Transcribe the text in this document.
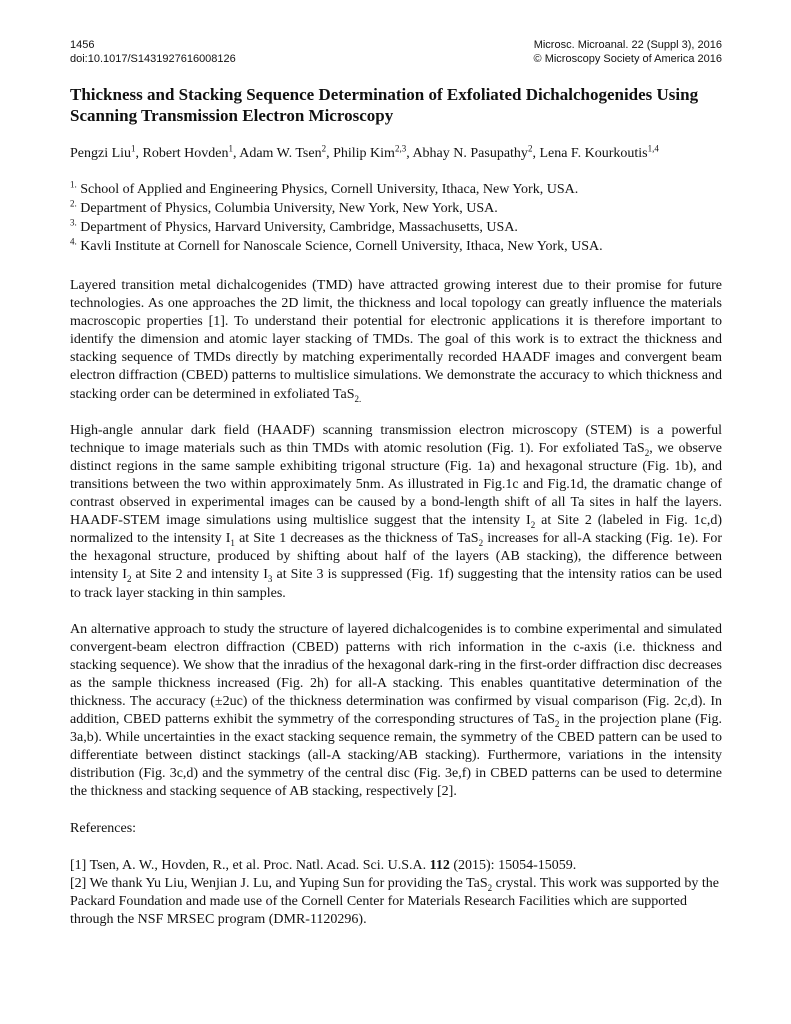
1456
doi:10.1017/S1431927616008126
Microsc. Microanal. 22 (Suppl 3), 2016
© Microscopy Society of America 2016
Thickness and Stacking Sequence Determination of Exfoliated Dichalchogenides Using Scanning Transmission Electron Microscopy

Pengzi Liu$^1$, Robert Hovden$^1$, Adam W. Tsen$^2$, Philip Kim$^{2,3}$, Abhay N. Pasupathy$^2$, Lena F. Kourkoutis$^{1,4}$

$^{1.}$ School of Applied and Engineering Physics, Cornell University, Ithaca, New York, USA.

$^{2.}$ Department of Physics, Columbia University, New York, New York, USA.

$^{3.}$ Department of Physics, Harvard University, Cambridge, Massachusetts, USA.

$^{4.}$ Kavli Institute at Cornell for Nanoscale Science, Cornell University, Ithaca, New York, USA.

Layered transition metal dichalcogenides (TMD) have attracted growing interest due to their promise for future technologies. As one approaches the 2D limit, the thickness and local topology can greatly influence the materials macroscopic properties [1]. To understand their potential for electronic applications it is therefore important to identify the dimension and atomic layer stacking of TMDs. The goal of this work is to extract the thickness and stacking sequence of TMDs directly by matching experimentally recorded HAADF images and convergent beam electron diffraction (CBED) patterns to multislice simulations. We demonstrate the accuracy to which thickness and stacking order can be determined in exfoliated TaS$_{2.}$

High-angle annular dark field (HAADF) scanning transmission electron microscopy (STEM) is a powerful technique to image materials such as thin TMDs with atomic resolution (Fig. 1). For exfoliated TaS$_2$, we observe distinct regions in the same sample exhibiting trigonal structure (Fig. 1a) and hexagonal structure (Fig. 1b), and transitions between the two within approximately 5nm. As illustrated in Fig.1c and Fig.1d, the dramatic change of contrast observed in experimental images can be caused by a bond-length shift of all Ta sites in half the layers. HAADF-STEM image simulations using multislice suggest that the intensity $I_2$ at Site 2 (labeled in Fig. 1c,d) normalized to the intensity $I_1$ at Site 1 decreases as the thickness of TaS$_2$ increases for all-A stacking (Fig. 1e). For the hexagonal structure, produced by shifting about half of the layers (AB stacking), the difference between intensity $I_2$ at Site 2 and intensity $I_3$ at Site 3 is suppressed (Fig. 1f) suggesting that the intensity ratios can be used to track layer stacking in thin samples.

An alternative approach to study the structure of layered dichalcogenides is to combine experimental and simulated convergent-beam electron diffraction (CBED) patterns with rich information in the c-axis (i.e. thickness and stacking sequence). We show that the inradius of the hexagonal dark-ring in the first-order diffraction disc decreases as the sample thickness increased (Fig. 2h) for all-A stacking. This enables quantitative determination of the thickness. The accuracy (±2uc) of the thickness determination was confirmed by visual comparison (Fig. 2c,d). In addition, CBED patterns exhibit the symmetry of the corresponding structures of TaS$_2$ in the projection plane (Fig. 3a,b). While uncertainties in the exact stacking sequence remain, the symmetry of the CBED pattern can be used to differentiate between distinct stackings (all-A stacking/AB stacking). Furthermore, variations in the intensity distribution (Fig. 3c,d) and the symmetry of the central disc (Fig. 3e,f) in CBED patterns can be used to determine the thickness and stacking sequence of AB stacking, respectively [2].

References:

[1] Tsen, A. W., Hovden, R., et al. Proc. Natl. Acad. Sci. U.S.A. 112 (2015): 15054-15059.

[2] We thank Yu Liu, Wenjian J. Lu, and Yuping Sun for providing the TaS$_2$ crystal. This work was supported by the Packard Foundation and made use of the Cornell Center for Materials Research Facilities which are supported through the NSF MRSEC program (DMR-1120296).
